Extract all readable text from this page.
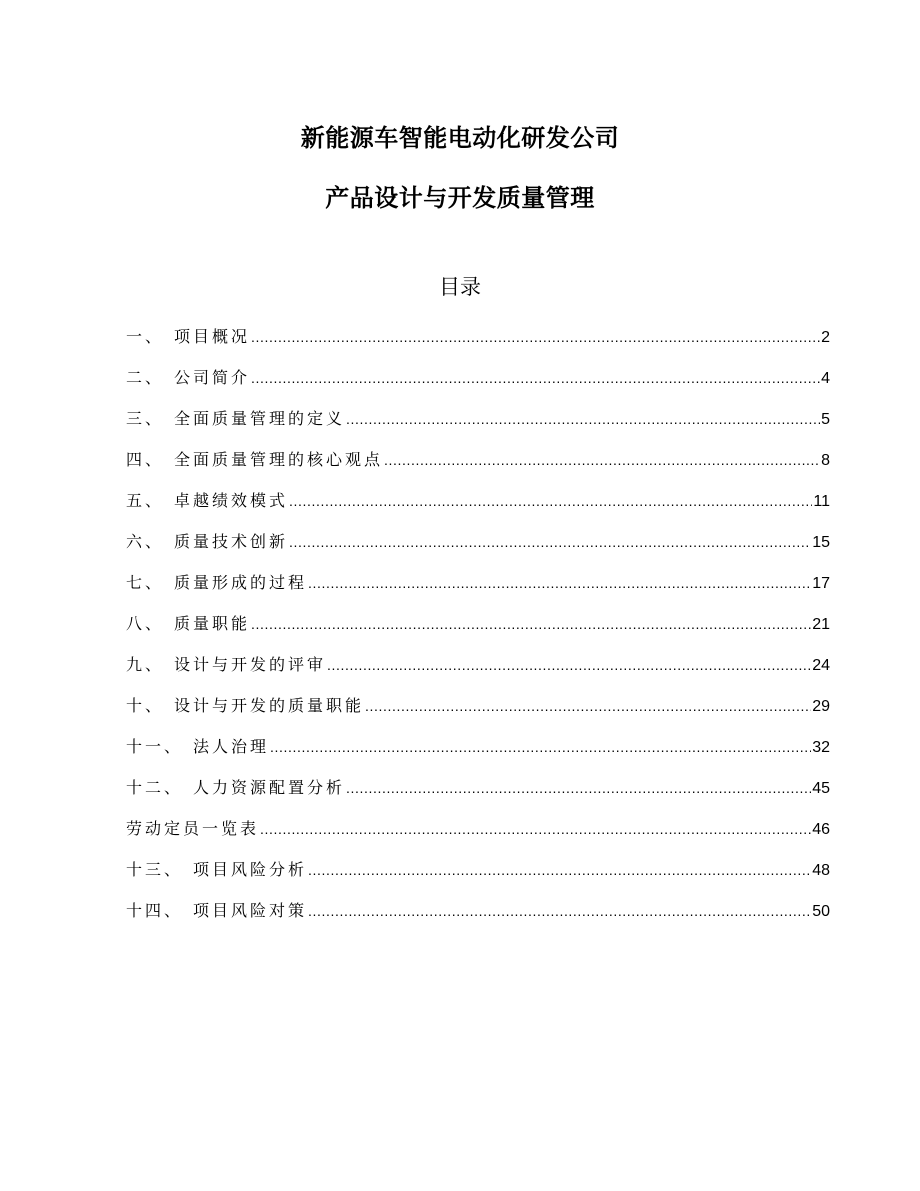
新能源车智能电动化研发公司
产品设计与开发质量管理
目录
一、 项目概况 .....	2
二、 公司简介 .....	4
三、 全面质量管理的定义 .....	5
四、 全面质量管理的核心观点 .....	8
五、 卓越绩效模式 .....	11
六、 质量技术创新 .....	15
七、 质量形成的过程 .....	17
八、 质量职能 .....	21
九、 设计与开发的评审 .....	24
十、 设计与开发的质量职能 .....	29
十一、 法人治理 .....	32
十二、 人力资源配置分析 .....	45
劳动定员一览表 .....	46
十三、 项目风险分析 .....	48
十四、 项目风险对策 .....	50
